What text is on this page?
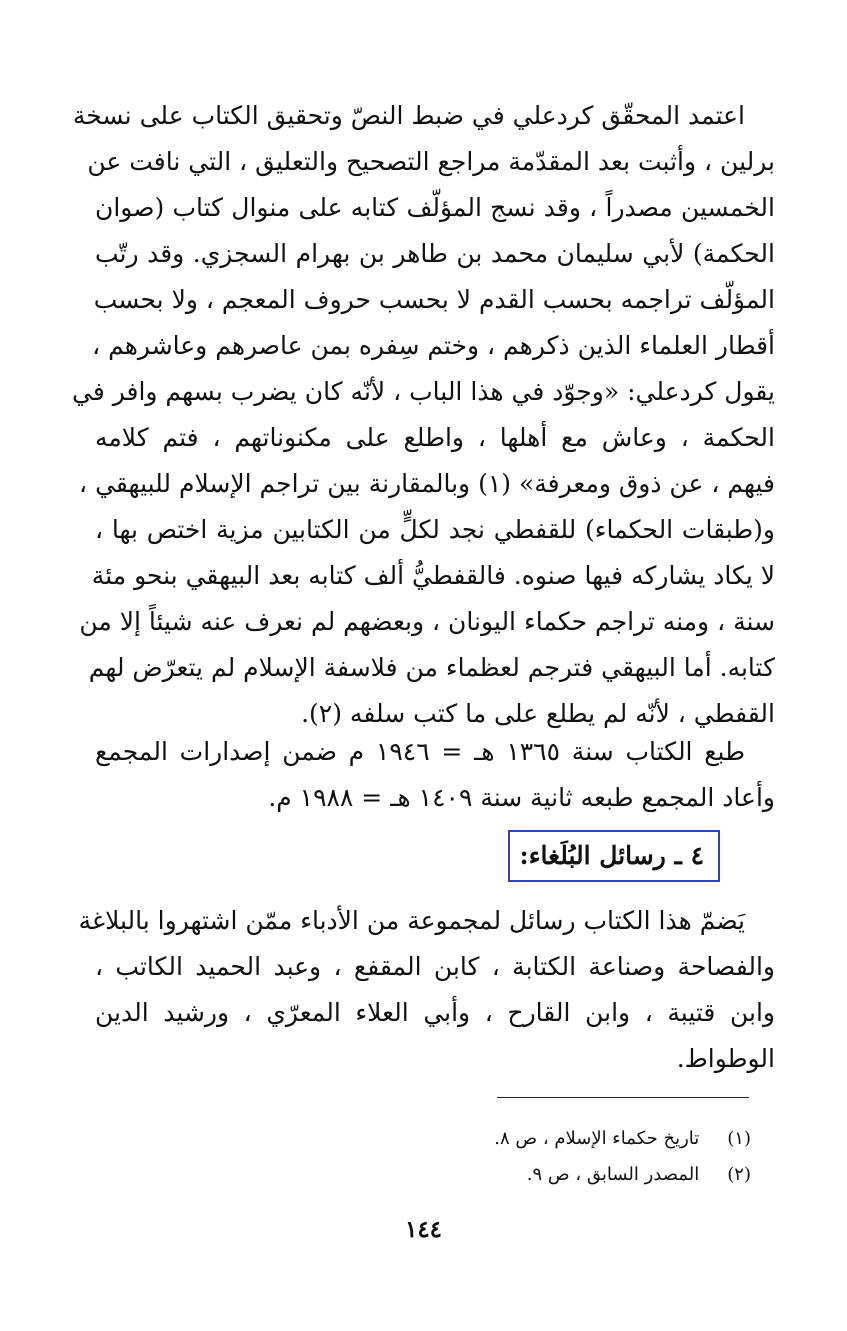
اعتمد المحقّق كردعلي في ضبط النصّ وتحقيق الكتاب على نسخة
برلين ، وأثبت بعد المقدّمة مراجع التصحيح والتعليق ، التي نافت عن
الخمسين مصدراً ، وقد نسج المؤلّف كتابه على منوال كتاب (صوان
الحكمة) لأبي سليمان محمد بن طاهر بن بهرام السجزي. وقد رتّب
المؤلّف تراجمه بحسب القدم لا بحسب حروف المعجم ، ولا بحسب
أقطار العلماء الذين ذكرهم ، وختم سِفره بمن عاصرهم وعاشرهم ،
يقول كردعلي: «وجوّد في هذا الباب ، لأنّه كان يضرب بسهم وافر في
الحكمة ، وعاش مع أهلها ، واطلع على مكنوناتهم ، فتم كلامه
فيهم ، عن ذوق ومعرفة» (١) وبالمقارنة بين تراجم الإسلام للبيهقي ،
و(طبقات الحكماء) للقفطي نجد لكلٍّ من الكتابين مزية اختص بها ،
لا يكاد يشاركه فيها صنوه. فالقفطيُّ ألف كتابه بعد البيهقي بنحو مئة
سنة ، ومنه تراجم حكماء اليونان ، وبعضهم لم نعرف عنه شيئاً إلا من
كتابه. أما البيهقي فترجم لعظماء من فلاسفة الإسلام لم يتعرّض لهم
القفطي ، لأنّه لم يطلع على ما كتب سلفه (٢).
طبع الكتاب سنة ١٣٦٥ هـ = ١٩٤٦ م ضمن إصدارات المجمع
وأعاد المجمع طبعه ثانية سنة ١٤٠٩ هـ = ١٩٨٨ م.
٤ ـ رسائل البُلَغاء:
يَضمّ هذا الكتاب رسائل لمجموعة من الأدباء ممّن اشتهروا بالبلاغة
والفصاحة وصناعة الكتابة ، كابن المقفع ، وعبد الحميد الكاتب ،
وابن قتيبة ، وابن القارح ، وأبي العلاء المعرّي ، ورشيد الدين
الوطواط.
(١) تاريخ حكماء الإسلام ، ص ٨.
(٢) المصدر السابق ، ص ٩.
١٤٤
